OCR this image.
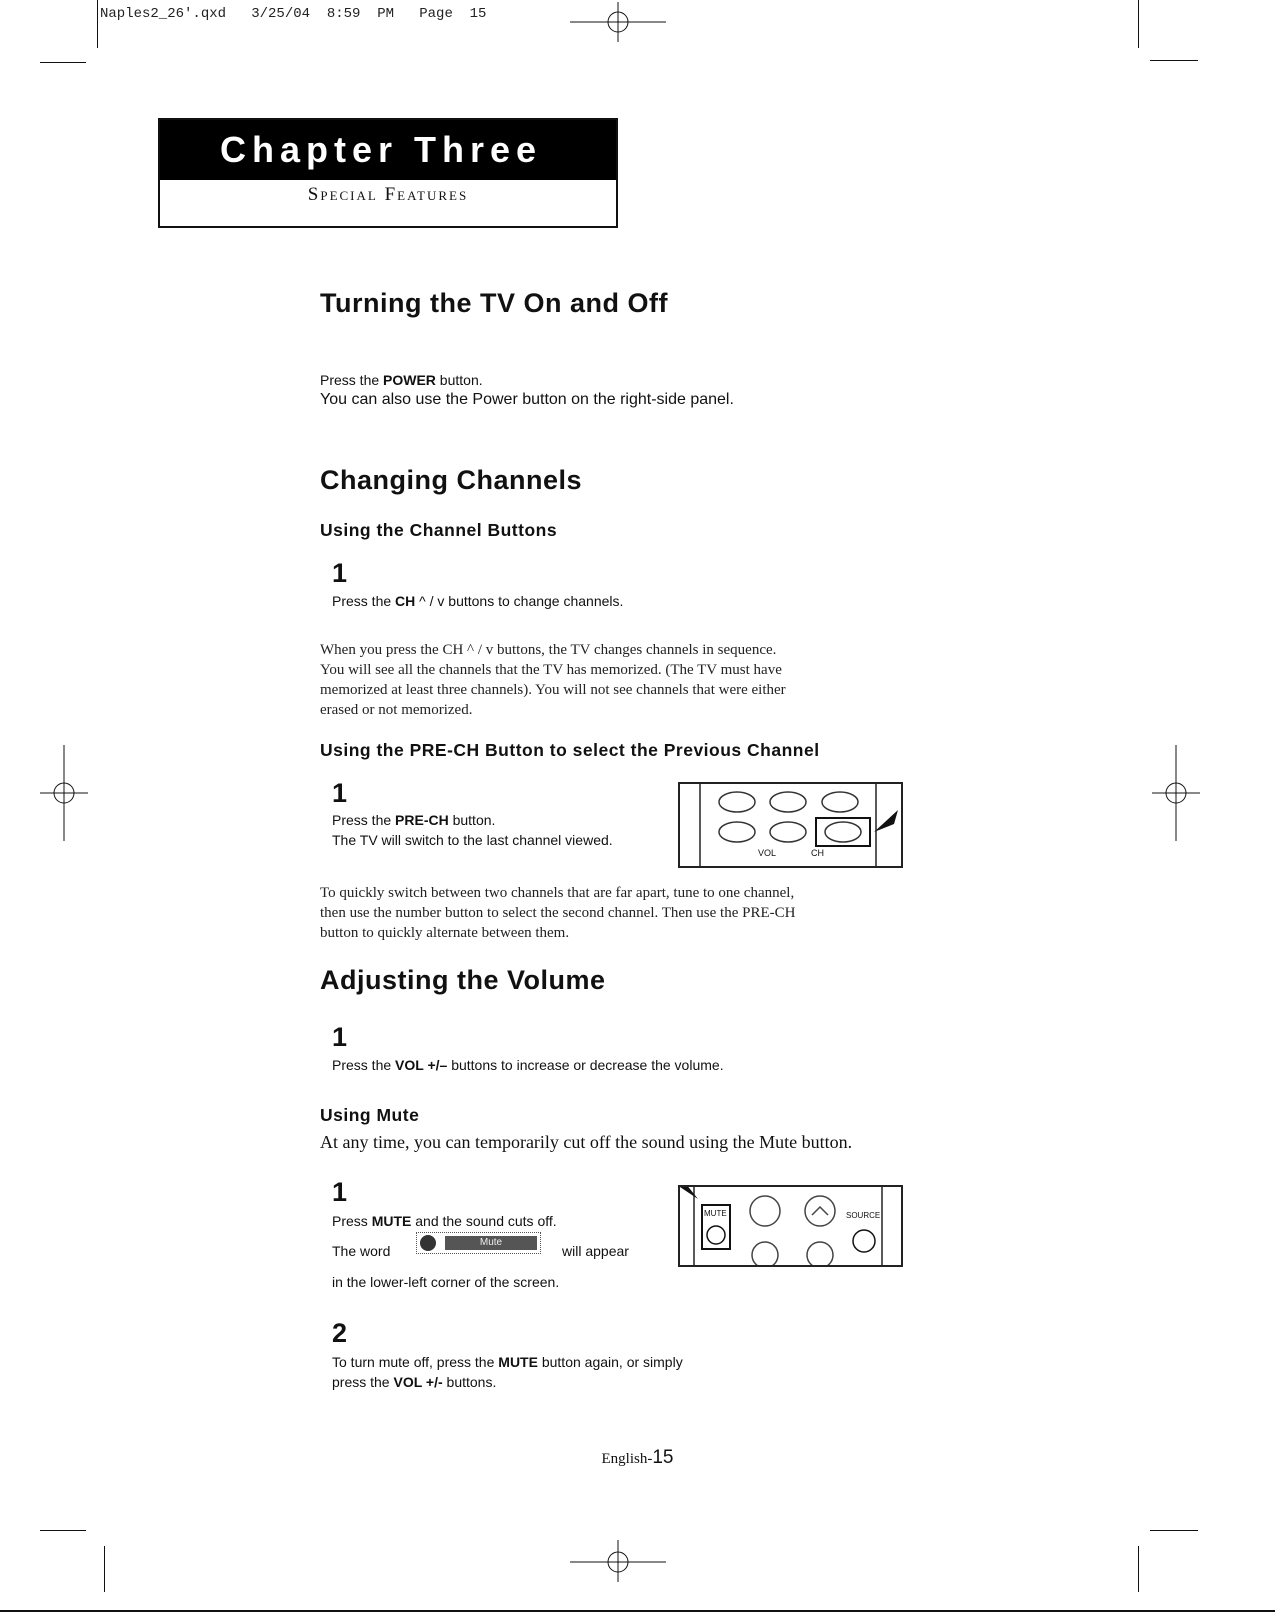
Naples2_26'.qxd   3/25/04  8:59  PM   Page  15
Chapter Three
Special Features
Turning the TV On and Off
Press the POWER button.
You can also use the Power button on the right-side panel.
Changing Channels
Using the Channel Buttons
1
Press the CH ^ / v buttons to change channels.
When you press the CH ^ / v buttons, the TV changes channels in sequence.
You will see all the channels that the TV has memorized. (The TV must have
memorized at least three channels). You will not see channels that were either
erased or not memorized.
Using the PRE-CH Button to select the Previous Channel
1
Press the PRE-CH button.
The TV will switch to the last channel viewed.
VOL	CH
To quickly switch between two channels that are far apart, tune to one channel,
then use the number button to select the second channel. Then use the PRE-CH
button to quickly alternate between them.
Adjusting the Volume
1
Press the VOL +/– buttons to increase or decrease the volume.
Using Mute
At any time, you can temporarily cut off the sound using the Mute button.
1
Press MUTE and the sound cuts off.
The word
Mute
will appear
in the lower-left corner of the screen.
MUTE	SOURCE
2
To turn mute off, press the MUTE button again, or simply
press the VOL +/- buttons.
English-15
